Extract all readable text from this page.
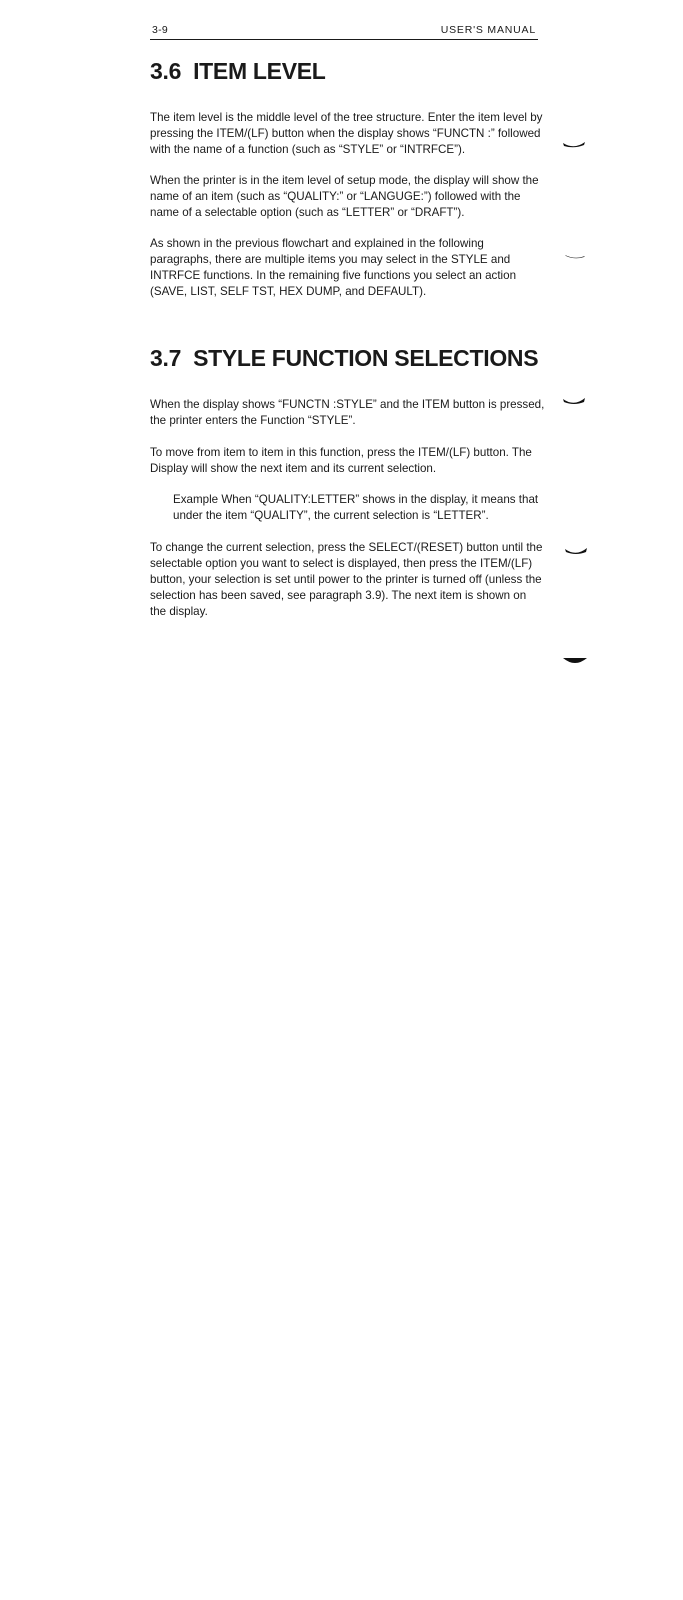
3-9	USER'S MANUAL
3.6 ITEM LEVEL

The item level is the middle level of the tree structure. Enter the item level by pressing the ITEM/(LF) button when the display shows “FUNCTN :” followed with the name of a function (such as “STYLE” or “INTRFCE”).

When the printer is in the item level of setup mode, the display will show the name of an item (such as “QUALITY:” or “LANGUGE:”) followed with the name of a selectable option (such as “LETTER” or “DRAFT”).

As shown in the previous flowchart and explained in the following paragraphs, there are multiple items you may select in the STYLE and INTRFCE functions. In the remaining five functions you select an action (SAVE, LIST, SELF TST, HEX DUMP, and DEFAULT).

3.7 STYLE FUNCTION SELECTIONS

When the display shows “FUNCTN :STYLE” and the ITEM button is pressed, the printer enters the Function “STYLE”.

To move from item to item in this function, press the ITEM/(LF) button. The Display will show the next item and its current selection.

Example When “QUALITY:LETTER” shows in the display, it means that under the item “QUALITY”, the current selection is “LETTER”.

To change the current selection, press the SELECT/(RESET) button until the selectable option you want to select is displayed, then press the ITEM/(LF) button, your selection is set until power to the printer is turned off (unless the selection has been saved, see paragraph 3.9). The next item is shown on the display.
